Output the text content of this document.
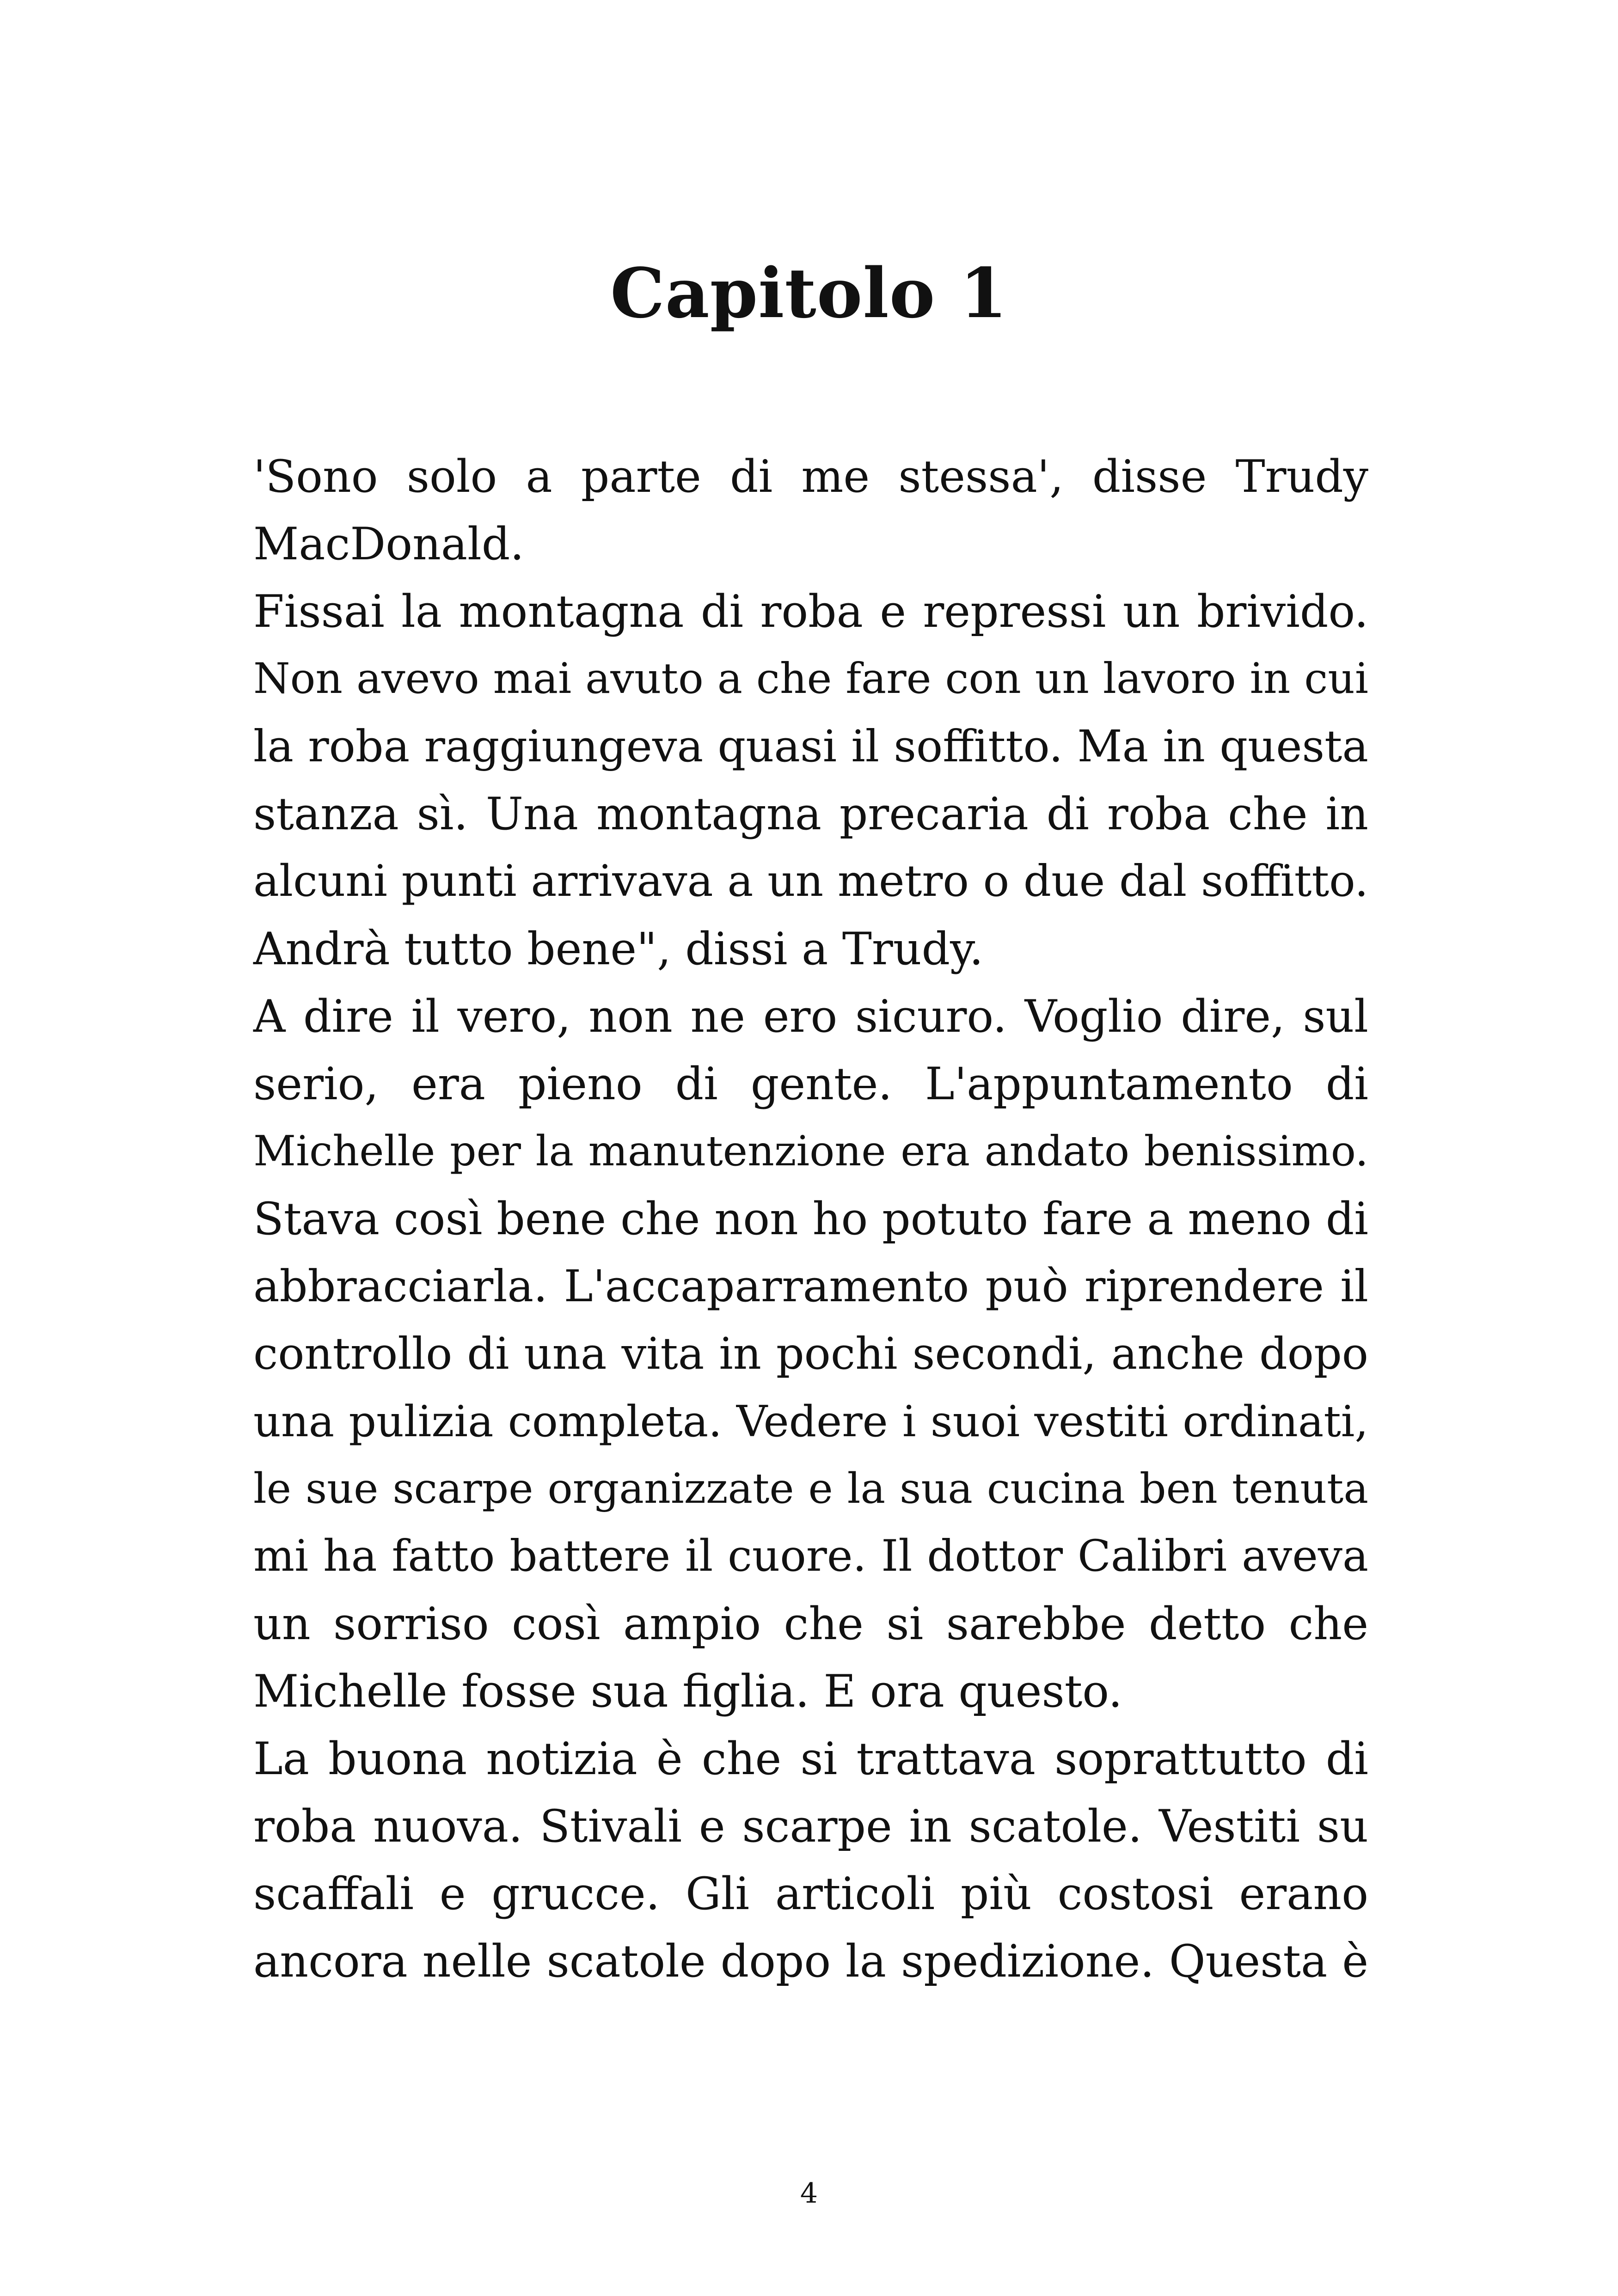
Capitolo 1
'Sono solo a parte di me stessa', disse Trudy
MacDonald.
Fissai la montagna di roba e repressi un brivido.
Non avevo mai avuto a che fare con un lavoro in cui
la roba raggiungeva quasi il soffitto. Ma in questa
stanza sì. Una montagna precaria di roba che in
alcuni punti arrivava a un metro o due dal soffitto.
Andrà tutto bene", dissi a Trudy.
A dire il vero, non ne ero sicuro. Voglio dire, sul
serio, era pieno di gente. L'appuntamento di
Michelle per la manutenzione era andato benissimo.
Stava così bene che non ho potuto fare a meno di
abbracciarla. L'accaparramento può riprendere il
controllo di una vita in pochi secondi, anche dopo
una pulizia completa. Vedere i suoi vestiti ordinati,
le sue scarpe organizzate e la sua cucina ben tenuta
mi ha fatto battere il cuore. Il dottor Calibri aveva
un sorriso così ampio che si sarebbe detto che
Michelle fosse sua figlia. E ora questo.
La buona notizia è che si trattava soprattutto di
roba nuova. Stivali e scarpe in scatole. Vestiti su
scaffali e grucce. Gli articoli più costosi erano
ancora nelle scatole dopo la spedizione. Questa è
4
